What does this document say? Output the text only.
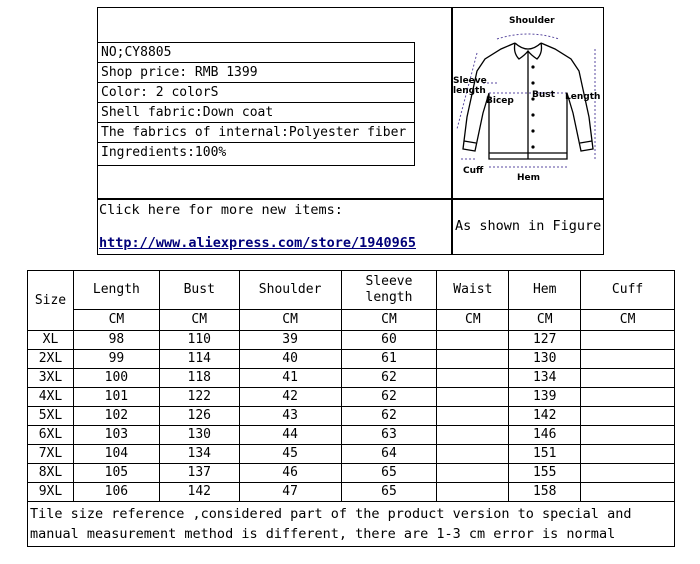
NO;CY8805
Shop price: RMB 1399
Color: 2 colorS
Shell fabric:Down coat
The fabrics of internal:Polyester fiber
Ingredients:100%
Click here for more new items:
http://www.aliexpress.com/store/1940965
As shown in Figure
Shoulder
Sleeve
length
Bicep
Bust Length
Cuff
Hem
Size	Length	Bust	Shoulder	Sleeve length	Waist	Hem	Cuff
	CM	CM	CM	CM	CM	CM	CM
XL	98	110	39	60		127	
2XL	99	114	40	61		130	
3XL	100	118	41	62		134	
4XL	101	122	42	62		139	
5XL	102	126	43	62		142	
6XL	103	130	44	63		146	
7XL	104	134	45	64		151	
8XL	105	137	46	65		155	
9XL	106	142	47	65		158	

Tile size reference ,considered part of the product version to special and
manual measurement method is different, there are 1-3 cm error is normal							
